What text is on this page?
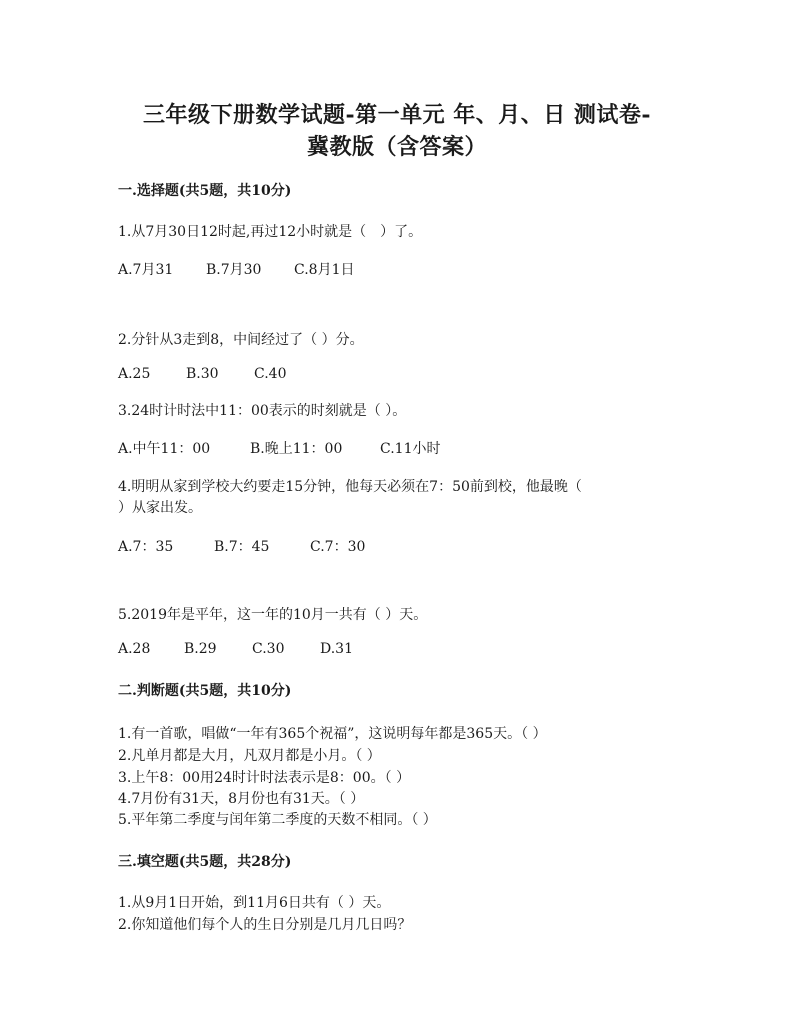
三年级下册数学试题-第一单元 年、月、日 测试卷-
冀教版（含答案）
一.选择题(共5题，共10分)
1.从7月30日12时起,再过12小时就是（　）了。
A.7月31 B.7月30 C.8月1日
2.分针从3走到8，中间经过了（ ）分。
A.25	B.30	C.40
3.24时计时法中11：00表示的时刻就是（ ）。
A.中午11：00	B.晚上11：00	C.11小时
4.明明从家到学校大约要走15分钟，他每天必须在7：50前到校，他最晚（
）从家出发。
A.7：35	B.7：45	C.7：30
5.2019年是平年，这一年的10月一共有（ ）天。
A.28 B.29	C.30	D.31
二.判断题(共5题，共10分)
1.有一首歌，唱做“一年有365个祝福”，这说明每年都是365天。（ ）
2.凡单月都是大月，凡双月都是小月。（ ）
3.上午8：00用24时计时法表示是8：00。（ ）
4.7月份有31天，8月份也有31天。（ ）
5.平年第二季度与闰年第二季度的天数不相同。（ ）
三.填空题(共5题，共28分)
1.从9月1日开始，到11月6日共有（ ）天。
2.你知道他们每个人的生日分别是几月几日吗？
